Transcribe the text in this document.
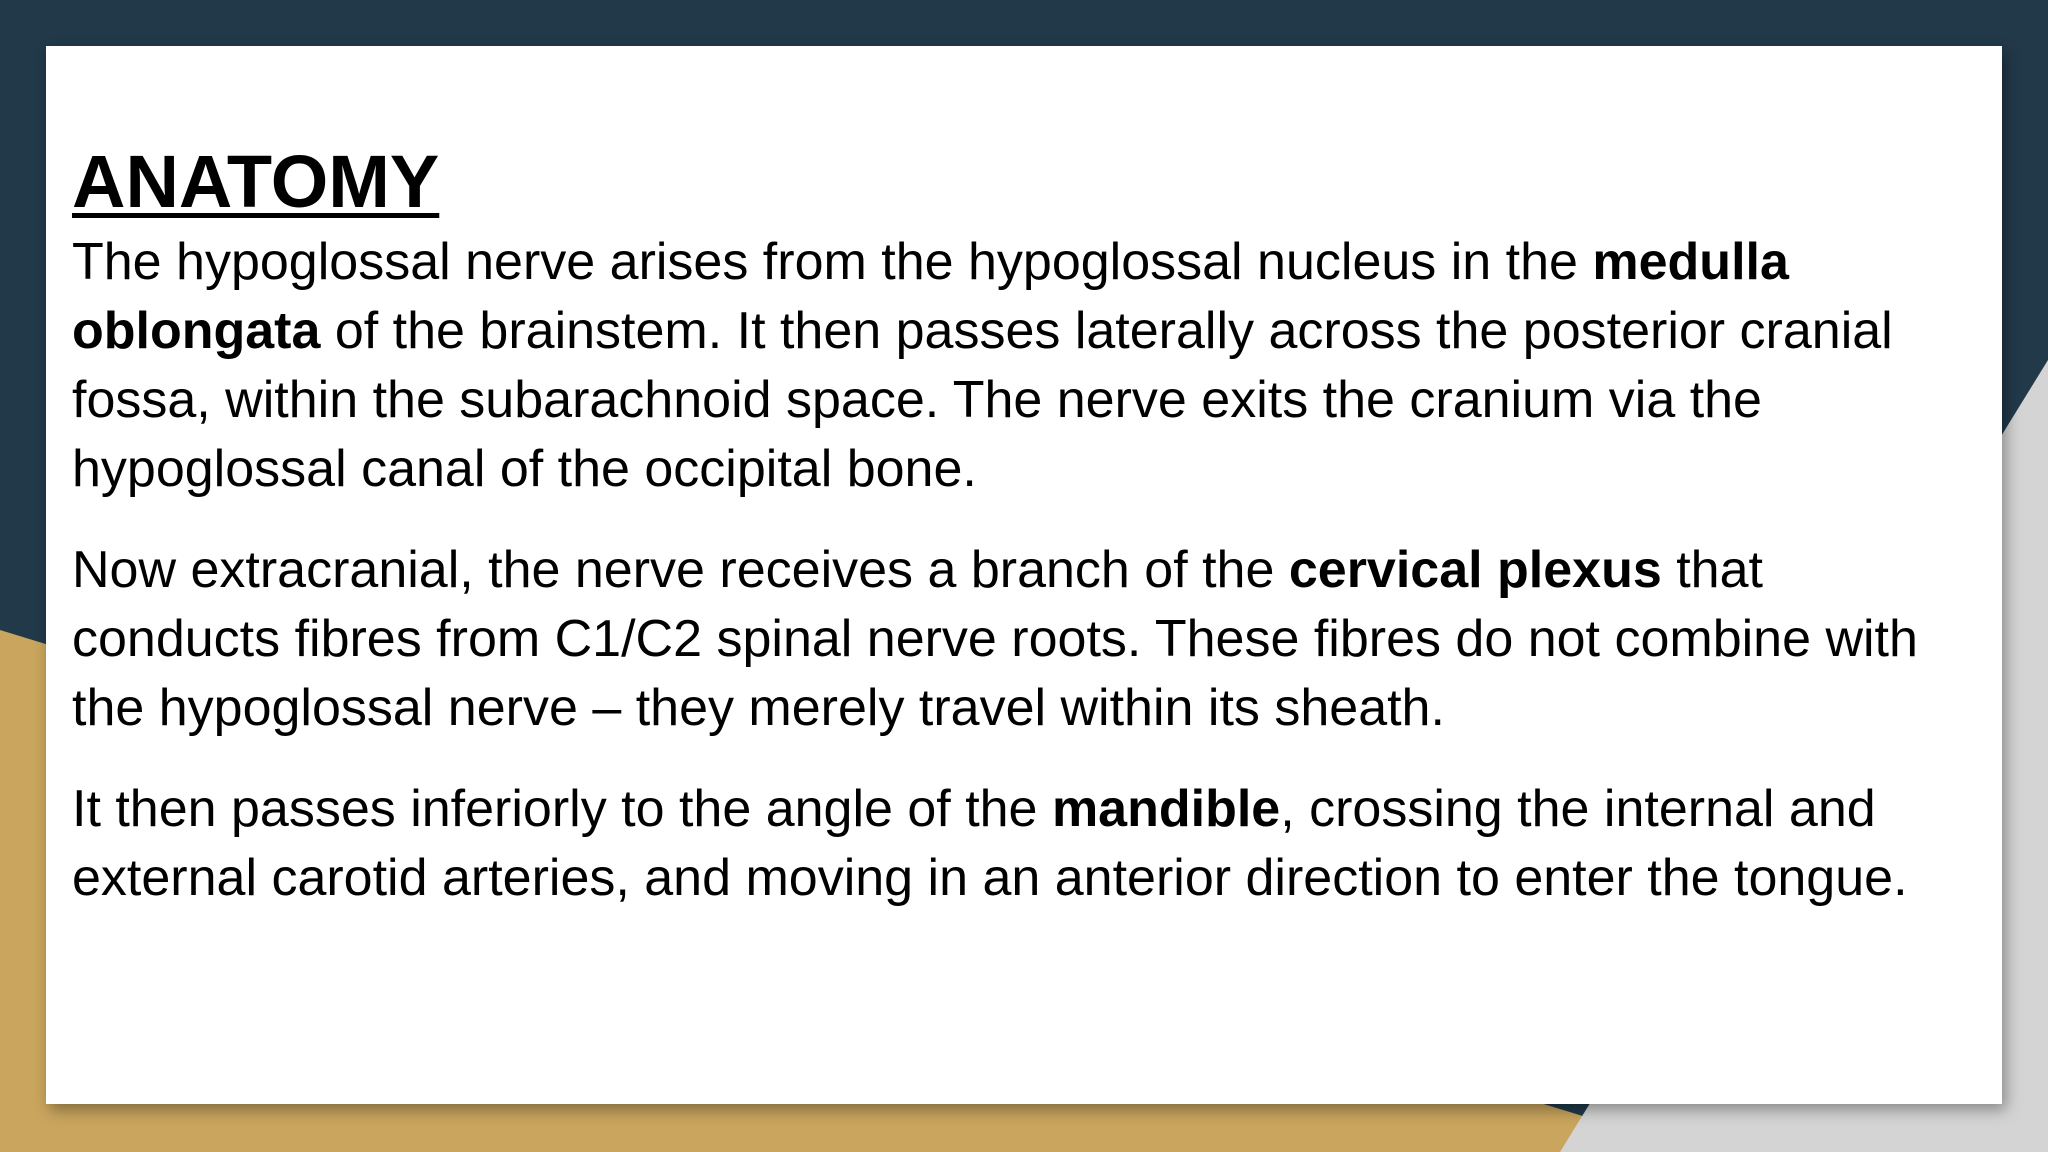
ANATOMY

The hypoglossal nerve arises from the hypoglossal nucleus in the medulla oblongata of the brainstem. It then passes laterally across the posterior cranial fossa, within the subarachnoid space. The nerve exits the cranium via the hypoglossal canal of the occipital bone.

Now extracranial, the nerve receives a branch of the cervical plexus that conducts fibres from C1/C2 spinal nerve roots. These fibres do not combine with the hypoglossal nerve – they merely travel within its sheath.

It then passes inferiorly to the angle of the mandible, crossing the internal and external carotid arteries, and moving in an anterior direction to enter the tongue.
